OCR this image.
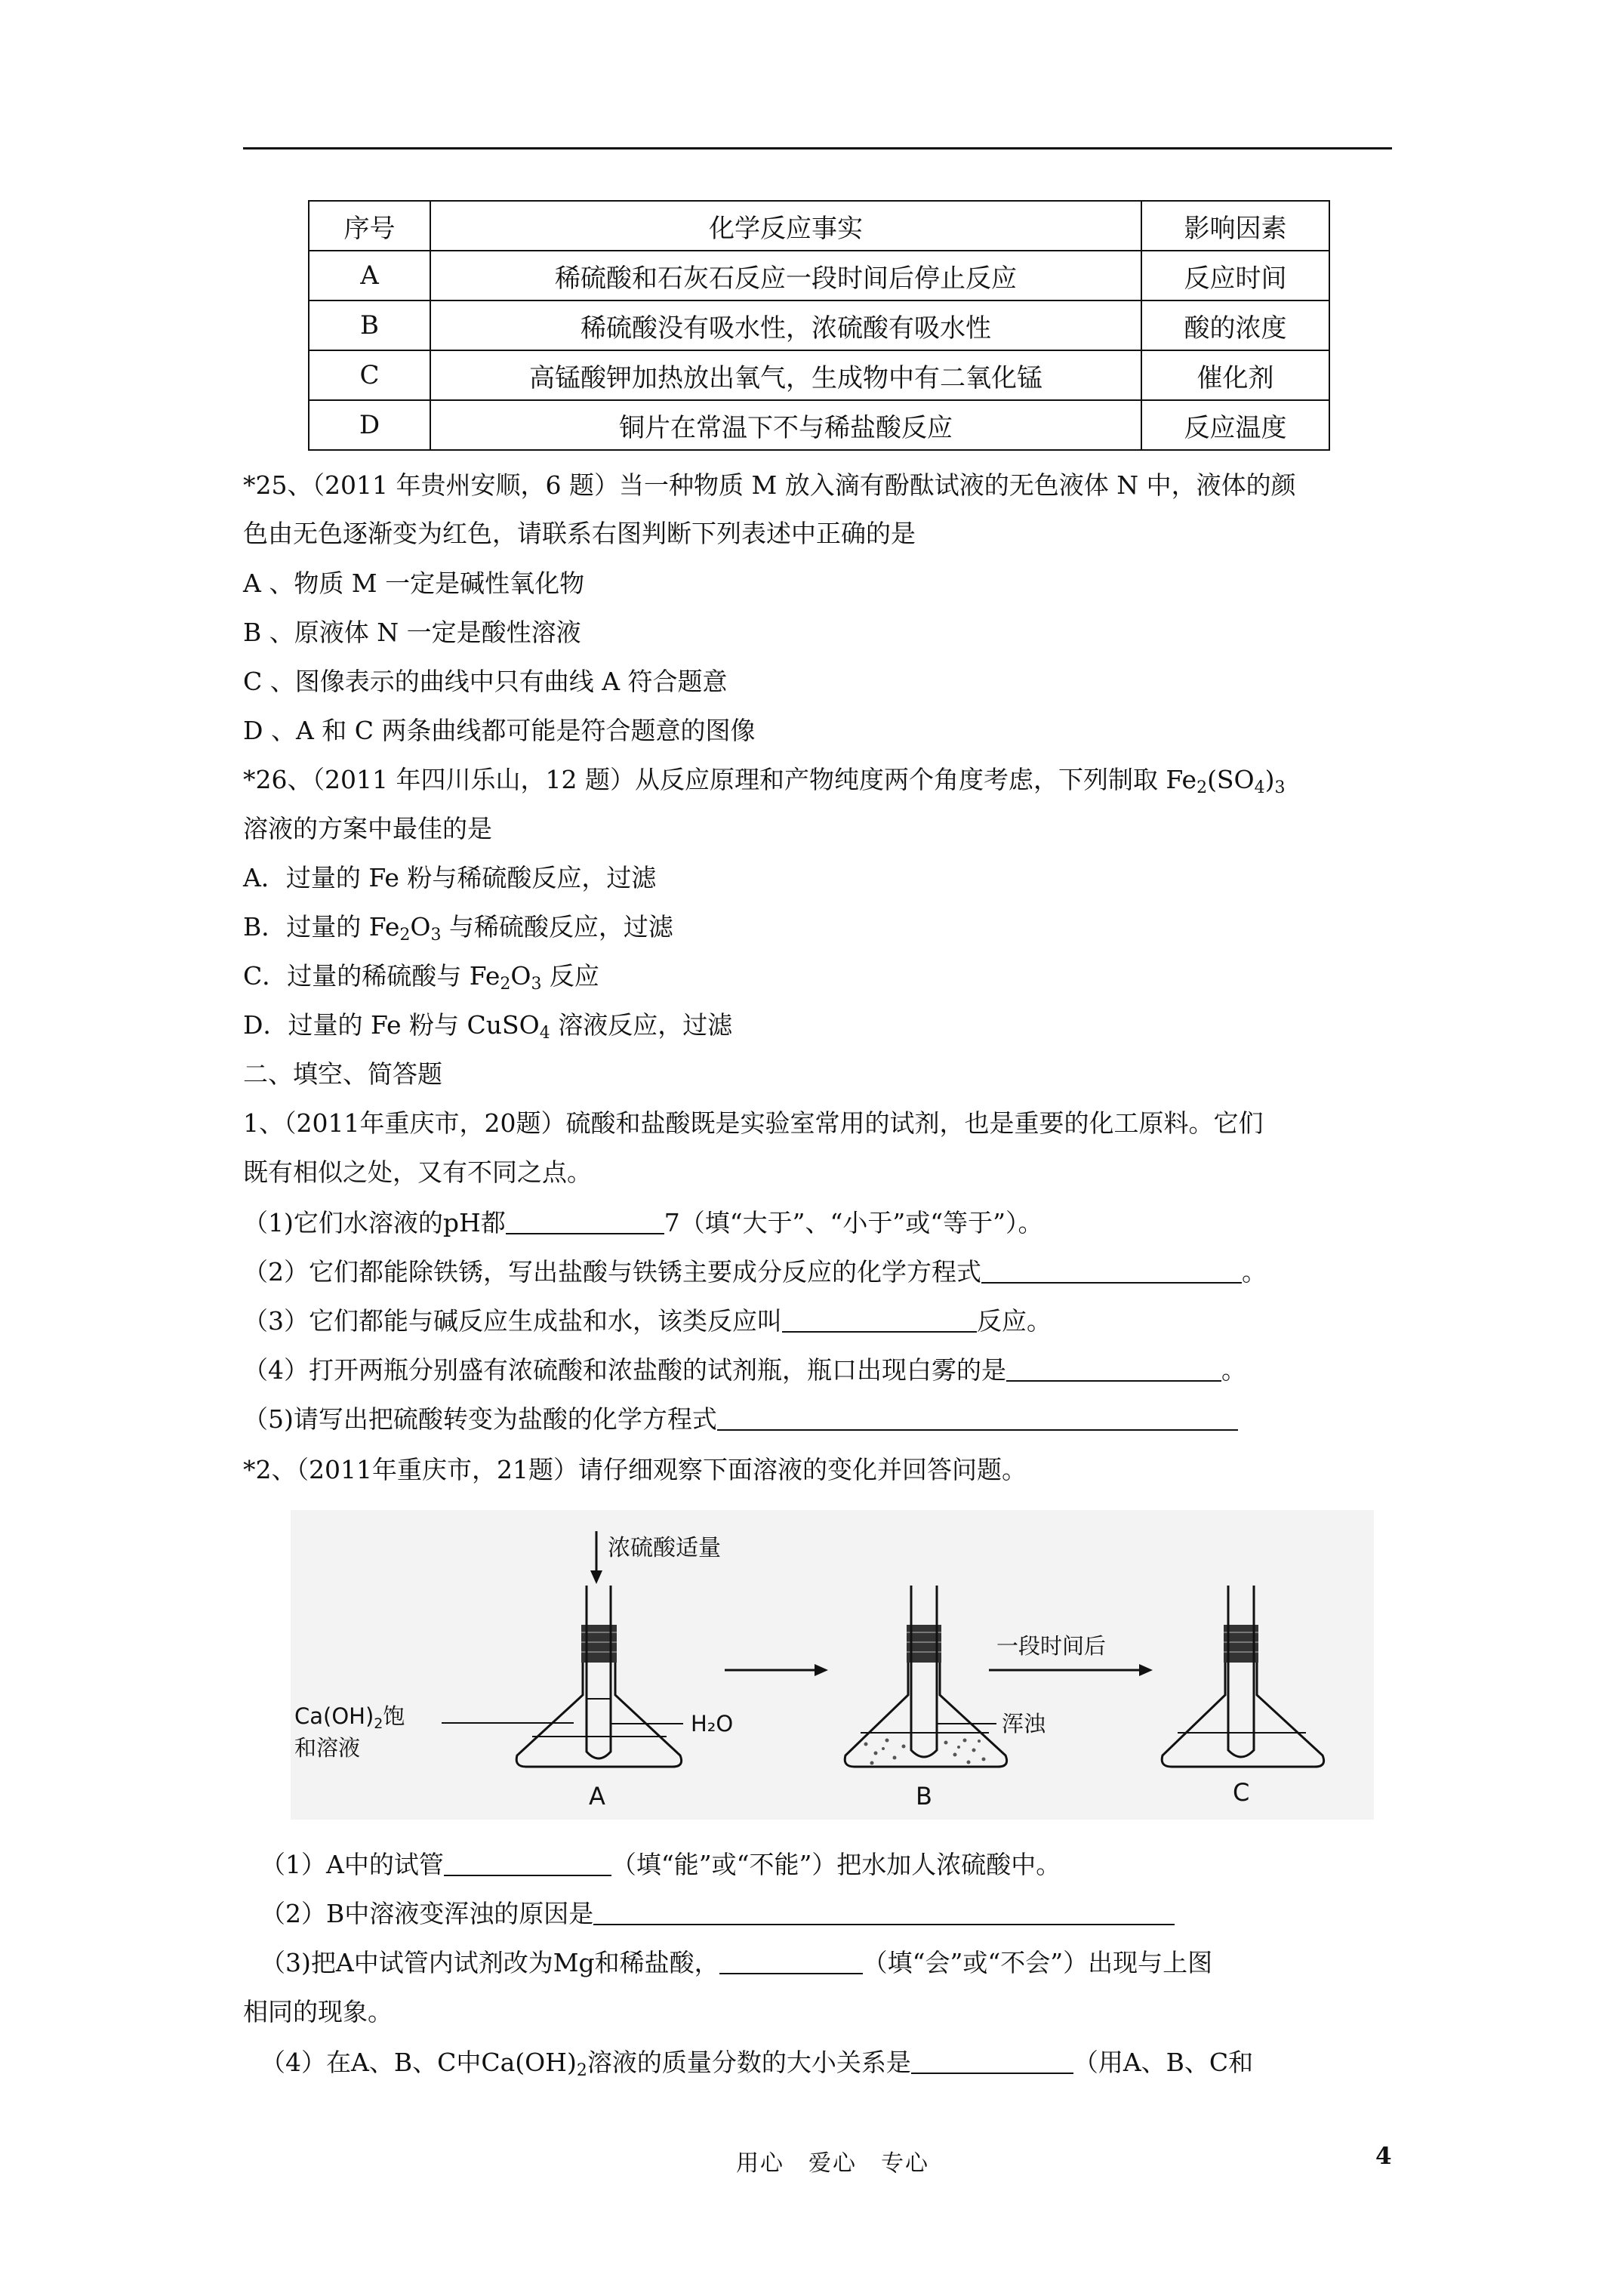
序号	化学反应事实	影响因素
A	稀硫酸和石灰石反应一段时间后停止反应	反应时间
B	稀硫酸没有吸水性，浓硫酸有吸水性	酸的浓度
C	高锰酸钾加热放出氧气，生成物中有二氧化锰	催化剂
D	铜片在常温下不与稀盐酸反应	反应温度
*25、（2011 年贵州安顺，6 题）当一种物质 M 放入滴有酚酞试液的无色液体 N 中，液体的颜
色由无色逐渐变为红色，请联系右图判断下列表述中正确的是
A 、物质 M 一定是碱性氧化物
B 、原液体 N 一定是酸性溶液
C 、图像表示的曲线中只有曲线 A 符合题意
D 、A 和 C 两条曲线都可能是符合题意的图像
*26、（2011 年四川乐山，12 题）从反应原理和产物纯度两个角度考虑，下列制取 $Fe_2(SO_4)_3$
溶液的方案中最佳的是
A．过量的 Fe 粉与稀硫酸反应，过滤
B．过量的 $Fe_2O_3$ 与稀硫酸反应，过滤
C．过量的稀硫酸与 $Fe_2O_3$ 反应
D．过量的 Fe 粉与 CuSO$_4$ 溶液反应，过滤
二、填空、简答题
1、（2011年重庆市，20题）硫酸和盐酸既是实验室常用的试剂，也是重要的化工原料。它们
既有相似之处，又有不同之点。
（1)它们水溶液的pH都	7（填“大于”、“小于”或“等于”）。
（2）它们都能除铁锈，写出盐酸与铁锈主要成分反应的化学方程式	。
（3）它们都能与碱反应生成盐和水，该类反应叫	反应。
（4）打开两瓶分别盛有浓硫酸和浓盐酸的试剂瓶，瓶口出现白雾的是	。
（5)请写出把硫酸转变为盐酸的化学方程式
*2、（2011年重庆市，21题）请仔细观察下面溶液的变化并回答问题。
浓硫酸适量
$Ca(OH)_2$饱
和溶液
H₂O
A
浑浊
B
一段时间后
C
（1）A中的试管	（填“能”或“不能”）把水加人浓硫酸中。
（2）B中溶液变浑浊的原因是
（3)把A中试管内试剂改为Mg和稀盐酸，	（填“会”或“不会”）出现与上图
相同的现象。
（4）在A、B、C中$Ca(OH)_2$溶液的质量分数的大小关系是	（用A、B、C和
用心　爱心　专心	4
